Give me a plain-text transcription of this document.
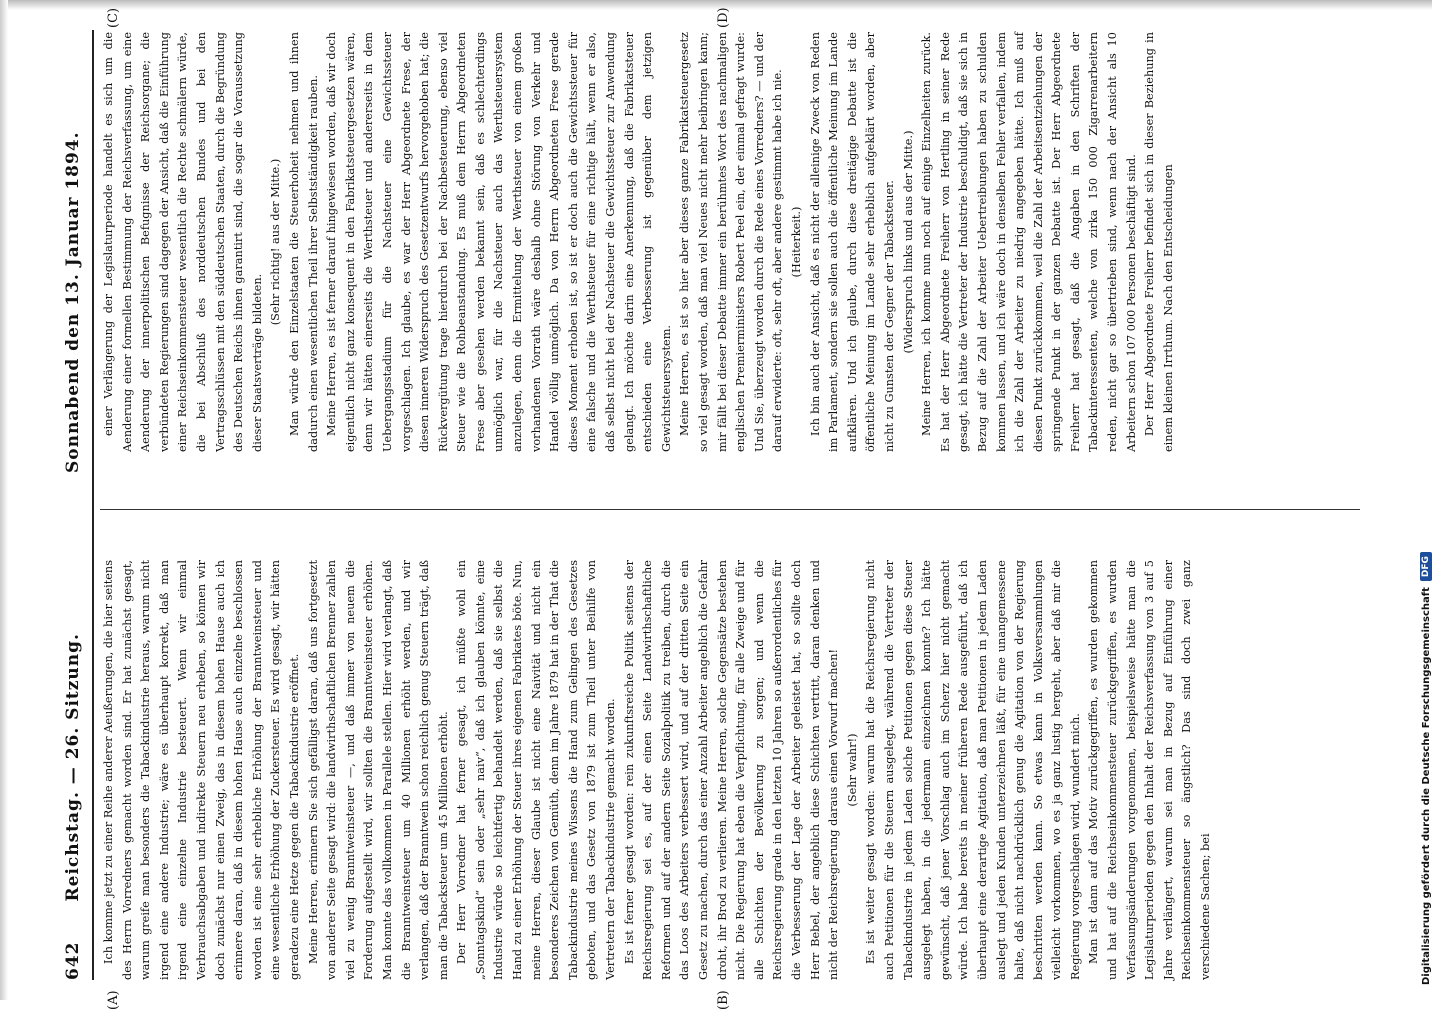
642
Reichstag. — 26. Sitzung.
Sonnabend den 13. Januar 1894.
(A)	(B)
(C)	(D)

Ich komme jetzt zu einer Reihe anderer Aeußerungen, die hier seitens des Herrn Vorredners gemacht worden sind. Er hat zunächst gesagt, warum greife man besonders die Tabackindustrie heraus, warum nicht irgend eine andere Industrie; wäre es überhaupt korrekt, daß man irgend eine einzelne Industrie besteuert. Wenn wir einmal Verbrauchsabgaben und indirekte Steuern neu erheben, so können wir doch zunächst nur einen Zweig, das in diesem hohen Hause auch ich erinnere daran, daß in diesem hohen Hause auch einzelne beschlossen worden ist eine sehr erhebliche Erhöhung der Branntweinsteuer und eine wesentliche Erhöhung der Zuckersteuer. Es wird gesagt, wir hätten geradezu eine Hetze gegen die Tabackindustrie eröffnet. Meine Herren, erinnern Sie sich gefälligst daran, daß uns fortgesetzt von anderer Seite gesagt wird: die landwirthschaftlichen Brenner zahlen viel zu wenig Branntweinsteuer —, und daß immer von neuem die Forderung aufgestellt wird, wir sollten die Branntweinsteuer erhöhen. Man konnte das vollkommen in Parallele stellen. Hier wird verlangt, daß die Branntweinsteuer um 40 Millionen erhöht werden, und wir verlangen, daß der Branntwein schon reichlich genug Steuern trägt, daß man die Tabacksteuer um 45 Millionen erhöht. Der Herr Vorredner hat ferner gesagt, ich müßte wohl ein „Sonntagskind“ sein oder „sehr naiv“, daß ich glauben könnte, eine Industrie würde so leichtfertig behandelt werden, daß sie selbst die Hand zu einer Erhöhung der Steuer ihres eigenen Fabrikates böte. Nun, meine Herren, dieser Glaube ist nicht eine Naivität und nicht ein besonderes Zeichen von Gemüth, denn im Jahre 1879 hat in der That die Tabackindustrie meines Wissens die Hand zum Gelingen des Gesetzes geboten, und das Gesetz von 1879 ist zum Theil unter Beihilfe von Vertretern der Tabackindustrie gemacht worden. Es ist ferner gesagt worden: rein zukunftsreiche Politik seitens der Reichsregierung sei es, auf der einen Seite Landwirthschaftliche Reformen und auf der andern Seite Sozialpolitik zu treiben, durch die das Loos des Arbeiters verbessert wird, und auf der dritten Seite ein Gesetz zu machen, durch das einer Anzahl Arbeiter angeblich die Gefahr droht, ihr Brod zu verlieren. Meine Herren, solche Gegensätze bestehen nicht. Die Regierung hat eben die Verpflichtung, für alle Zweige und für alle Schichten der Bevölkerung zu sorgen; und wenn die Reichsregierung grade in den letzten 10 Jahren so außerordentliches für die Verbesserung der Lage der Arbeiter geleistet hat, so sollte doch Herr Bebel, der angeblich diese Schichten vertritt, daran denken und nicht der Reichsregierung daraus einen Vorwurf machen! (Sehr wahr!) Es ist weiter gesagt worden: warum hat die Reichsregierung nicht auch Petitionen für die Steuern ausgelegt, während die Vertreter der Tabackindustrie in jedem Laden solche Petitionen gegen diese Steuer ausgelegt haben, in die jedermann einzeichnen konnte? Ich hätte gewünscht, daß jener Vorschlag auch im Scherz hier nicht gemacht würde. Ich habe bereits in meiner früheren Rede ausgeführt, daß ich überhaupt eine derartige Agitation, daß man Petitionen in jedem Laden auslegt und jeden Kunden unterzeichnen läßt, für eine unangemessene halte, daß nicht nachdrücklich genug die Agitation von der Regierung beschritten werden kann. So etwas kann in Volksversammlungen vielleicht vorkommen, wo es ja ganz lustig hergeht, aber daß mir die Regierung vorgeschlagen wird, wundert mich. Man ist dann auf das Motiv zurückgegriffen, es wurden gekommen und hat auf die Reichseinkommensteuer zurückgegriffen, es wurden Verfassungsänderungen vorgenommen, beispielsweise hätte man die Legislaturperioden gegen den Inhalt der Reichsverfassung von 3 auf 5 Jahre verlängert, warum sei man in Bezug auf Einführung einer Reichseinkommensteuer so ängstlich? Das sind doch zwei ganz verschiedene Sachen; bei

einer Verlängerung der Legislaturperiode handelt es sich um die Aenderung einer formellen Bestimmung der Reichsverfassung, um eine Aenderung der innerpolitischen Befugnisse der Reichsorgane; die verbündeten Regierungen sind dagegen der Ansicht, daß die Einführung einer Reichseinkommensteuer wesentlich die Rechte schmälern würde, die bei Abschluß des norddeutschen Bundes und bei den Vertragsschlüssen mit den süddeutschen Staaten, durch die Begründung des Deutschen Reichs ihnen garantirt sind, die sogar die Voraussetzung dieser Staatsverträge bildeten.

(Sehr richtig! aus der Mitte.) Man würde den Einzelstaaten die Steuerhoheit nehmen und ihnen dadurch einen wesentlichen Theil ihrer Selbstständigkeit rauben. Meine Herren, es ist ferner darauf hingewiesen worden, daß wir doch eigentlich nicht ganz konsequent in den Fabrikatsteuergesetzen wären, denn wir hätten einerseits die Werthsteuer und andererseits in dem Uebergangsstadium für die Nachsteuer eine Gewichtssteuer vorgeschlagen. Ich glaube, es war der Herr Abgeordnete Frese, der diesen inneren Widerspruch des Gesetzentwurfs hervorgehoben hat; die Rückvergütung trage hierdurch bei der Nachbesteuerung, ebenso viel Steuer wie die Rohbeanstandung. Es muß dem Herrn Abgeordneten Frese aber gesehen werden bekannt sein, daß es schlechterdings unmöglich war, für die Nachsteuer auch das Werthsteuersystem anzulegen, denn die Ermittelung der Werthsteuer von einem großen vorhandenen Vorrath wäre deshalb ohne Störung von Verkehr und Handel völlig unmöglich. Da von Herrn Abgeordneten Frese gerade dieses Moment erhoben ist, so ist er doch auch die Gewichtssteuer für eine falsche und die Werthsteuer für eine richtige hält, wenn er also, daß selbst nicht bei der Nachsteuer die Gewichtssteuer zur Anwendung gelangt. Ich möchte darin eine Anerkennung, daß die Fabrikatsteuer entschieden eine Verbesserung ist gegenüber dem jetzigen Gewichtsteuersystem. Meine Herren, es ist so hier aber dieses ganze Fabrikatsteuergesetz so viel gesagt worden, daß man viel Neues nicht mehr beibringen kann; mir fällt bei dieser Debatte immer ein berühmtes Wort des nachmaligen englischen Premierministers Robert Peel ein, der einmal gefragt wurde: Und Sie, überzeugt worden durch die Rede eines Vorredners? — und der darauf erwiderte: oft, sehr oft, aber andere gestimmt habe ich nie. (Heiterkeit.) Ich bin auch der Ansicht, daß es nicht der alleinige Zweck von Reden im Parlament, sondern sie sollen auch die öffentliche Meinung im Lande aufklären. Und ich glaube, durch diese dreitägige Debatte ist die öffentliche Meinung im Lande sehr erheblich aufgeklärt worden, aber nicht zu Gunsten der Gegner der Tabacksteuer. (Widerspruch links und aus der Mitte.) Meine Herren, ich komme nun noch auf einige Einzelheiten zurück. Es hat der Herr Abgeordnete Freiherr von Hertling in seiner Rede gesagt, ich hätte die Vertreter der Industrie beschuldigt, daß sie sich in Bezug auf die Zahl der Arbeiter Uebertreibungen haben zu schulden kommen lassen, und ich wäre doch in denselben Fehler verfallen, indem ich die Zahl der Arbeiter zu niedrig angegeben hätte. Ich muß auf diesen Punkt zurückkommen, weil die Zahl der Arbeitsentziehungen der springende Punkt in der ganzen Debatte ist. Der Herr Abgeordnete Freiherr hat gesagt, daß die Angaben in den Schriften der Tabackinteressenten, welche von zirka 150 000 Zigarrenarbeitern reden, nicht gar so übertrieben sind, wenn nach der Ansicht als 10 Arbeitern schon 107 000 Personen beschäftigt sind. Der Herr Abgeordnete Freiherr befindet sich in dieser Beziehung in einem kleinen Irrthum. Nach den Entscheidungen

Digitalisierung gefördert durch die Deutsche Forschungsgemeinschaft
DFG
